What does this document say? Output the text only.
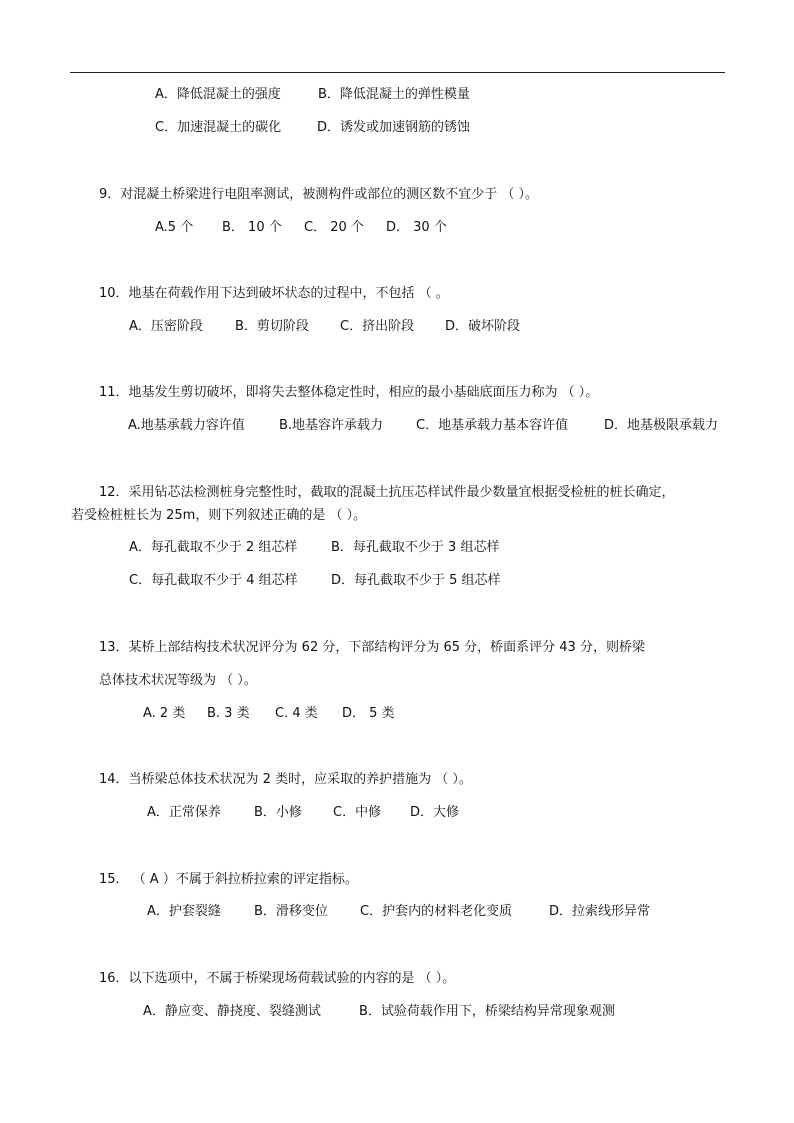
A．降低混凝土的强度	B．降低混凝土的弹性模量
C．加速混凝土的碳化	D．诱发或加速钢筋的锈蚀
9．对混凝土桥梁进行电阻率测试，被测构件或部位的测区数不宜少于 （ ）。
A.5 个 B． 10 个 C． 20 个 D． 30 个
10．地基在荷载作用下达到破坏状态的过程中，不包括 （ 。
A．压密阶段 B．剪切阶段 C．挤出阶段 D．破坏阶段
11．地基发生剪切破坏，即将失去整体稳定性时，相应的最小基础底面压力称为 （ ）。
A.地基承载力容许值	B.地基容许承载力	C．地基承载力基本容许值	D．地基极限承载力
12．采用钻芯法检测桩身完整性时，截取的混凝土抗压芯样试件最少数量宜根据受检桩的桩长确定，
若受检桩桩长为 25m，则下列叙述正确的是 （ ）。
A．每孔截取不少于 2 组芯样	B．每孔截取不少于 3 组芯样
C．每孔截取不少于 4 组芯样	D．每孔截取不少于 5 组芯样
13．某桥上部结构技术状况评分为 62 分，下部结构评分为 65 分，桥面系评分 43 分，则桥梁
总体技术状况等级为 （ ）。
A. 2 类 B. 3 类 C. 4 类 D． 5 类
14．当桥梁总体技术状况为 2 类时，应采取的养护措施为 （ ）。
A．正常保养	B．小修 C．中修 D．大修
15． （ A ）不属于斜拉桥拉索的评定指标。
A．护套裂缝	B．滑移变位 C．护套内的材料老化变质	D．拉索线形异常
16．以下选项中，不属于桥梁现场荷载试验的内容的是 （ ）。
A．静应变、静挠度、裂缝测试	B．试验荷载作用下，桥梁结构异常现象观测
